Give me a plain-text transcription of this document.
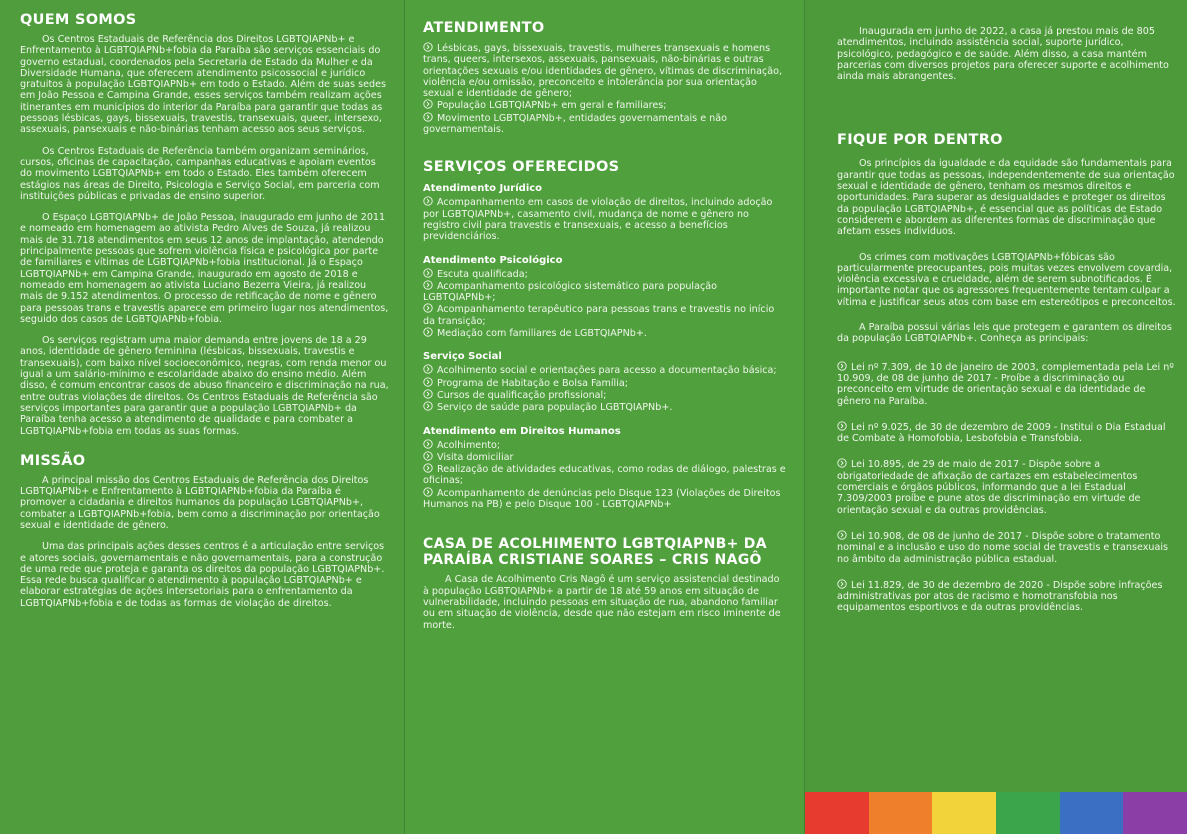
QUEM SOMOS

Os Centros Estaduais de Referência dos Direitos LGBTQIAPNb+ e Enfrentamento à LGBTQIAPNb+fobia da Paraíba são serviços essenciais do governo estadual, coordenados pela Secretaria de Estado da Mulher e da Diversidade Humana, que oferecem atendimento psicossocial e jurídico gratuitos à população LGBTQIAPNb+ em todo o Estado. Além de suas sedes em João Pessoa e Campina Grande, esses serviços também realizam ações itinerantes em municípios do interior da Paraíba para garantir que todas as pessoas lésbicas, gays, bissexuais, travestis, transexuais, queer, intersexo, assexuais, pansexuais e não-binárias tenham acesso aos seus serviços.

Os Centros Estaduais de Referência também organizam seminários, cursos, oficinas de capacitação, campanhas educativas e apoiam eventos do movimento LGBTQIAPNb+ em todo o Estado. Eles também oferecem estágios nas áreas de Direito, Psicologia e Serviço Social, em parceria com instituições públicas e privadas de ensino superior.

O Espaço LGBTQIAPNb+ de João Pessoa, inaugurado em junho de 2011 e nomeado em homenagem ao ativista Pedro Alves de Souza, já realizou mais de 31.718 atendimentos em seus 12 anos de implantação, atendendo principalmente pessoas que sofrem violência física e psicológica por parte de familiares e vítimas de LGBTQIAPNb+fobia institucional. Já o Espaço LGBTQIAPNb+ em Campina Grande, inaugurado em agosto de 2018 e nomeado em homenagem ao ativista Luciano Bezerra Vieira, já realizou mais de 9.152 atendimentos. O processo de retificação de nome e gênero para pessoas trans e travestis aparece em primeiro lugar nos atendimentos, seguido dos casos de LGBTQIAPNb+fobia.

Os serviços registram uma maior demanda entre jovens de 18 a 29 anos, identidade de gênero feminina (lésbicas, bissexuais, travestis e transexuais), com baixo nível socioeconômico, negras, com renda menor ou igual a um salário-mínimo e escolaridade abaixo do ensino médio. Além disso, é comum encontrar casos de abuso financeiro e discriminação na rua, entre outras violações de direitos. Os Centros Estaduais de Referência são serviços importantes para garantir que a população LGBTQIAPNb+ da Paraíba tenha acesso a atendimento de qualidade e para combater a LGBTQIAPNb+fobia em todas as suas formas.

MISSÃO

A principal missão dos Centros Estaduais de Referência dos Direitos LGBTQIAPNb+ e Enfrentamento à LGBTQIAPNb+fobia da Paraíba é promover a cidadania e direitos humanos da população LGBTQIAPNb+, combater a LGBTQIAPNb+fobia, bem como a discriminação por orientação sexual e identidade de gênero.

Uma das principais ações desses centros é a articulação entre serviços e atores sociais, governamentais e não governamentais, para a construção de uma rede que proteja e garanta os direitos da população LGBTQIAPNb+. Essa rede busca qualificar o atendimento à população LGBTQIAPNb+ e elaborar estratégias de ações intersetoriais para o enfrentamento da LGBTQIAPNb+fobia e de todas as formas de violação de direitos.

ATENDIMENTO
Lésbicas, gays, bissexuais, travestis, mulheres transexuais e homens trans, queers, intersexos, assexuais, pansexuais, não-binárias e outras orientações sexuais e/ou identidades de gênero, vítimas de discriminação, violência e/ou omissão, preconceito e intolerância por sua orientação sexual e identidade de gênero;
População LGBTQIAPNb+ em geral e familiares;
Movimento LGBTQIAPNb+, entidades governamentais e não governamentais.
SERVIÇOS OFERECIDOS
Atendimento Jurídico
Acompanhamento em casos de violação de direitos, incluindo adoção por LGBTQIAPNb+, casamento civil, mudança de nome e gênero no registro civil para travestis e transexuais, e acesso a benefícios previdenciários.
Atendimento Psicológico
Escuta qualificada;
Acompanhamento psicológico sistemático para população LGBTQIAPNb+;
Acompanhamento terapêutico para pessoas trans e travestis no início da transição;
Mediação com familiares de LGBTQIAPNb+.
Serviço Social
Acolhimento social e orientações para acesso a documentação básica;
Programa de Habitação e Bolsa Família;
Cursos de qualificação profissional;
Serviço de saúde para população LGBTQIAPNb+.
Atendimento em Direitos Humanos
Acolhimento;
Visita domiciliar
Realização de atividades educativas, como rodas de diálogo, palestras e oficinas;
Acompanhamento de denúncias pelo Disque 123 (Violações de Direitos Humanos na PB) e pelo Disque 100 - LGBTQIAPNb+
CASA DE ACOLHIMENTO LGBTQIAPNB+ DA PARAÍBA CRISTIANE SOARES – CRIS NAGÔ

A Casa de Acolhimento Cris Nagô é um serviço assistencial destinado à população LGBTQIAPNb+ a partir de 18 até 59 anos em situação de vulnerabilidade, incluindo pessoas em situação de rua, abandono familiar ou em situação de violência, desde que não estejam em risco iminente de morte.

Inaugurada em junho de 2022, a casa já prestou mais de 805 atendimentos, incluindo assistência social, suporte jurídico, psicológico, pedagógico e de saúde. Além disso, a casa mantém parcerias com diversos projetos para oferecer suporte e acolhimento ainda mais abrangentes.

FIQUE POR DENTRO

Os princípios da igualdade e da equidade são fundamentais para garantir que todas as pessoas, independentemente de sua orientação sexual e identidade de gênero, tenham os mesmos direitos e oportunidades. Para superar as desigualdades e proteger os direitos da população LGBTQIAPNb+, é essencial que as políticas de Estado considerem e abordem as diferentes formas de discriminação que afetam esses indivíduos.

Os crimes com motivações LGBTQIAPNb+fóbicas são particularmente preocupantes, pois muitas vezes envolvem covardia, violência excessiva e crueldade, além de serem subnotificados. É importante notar que os agressores frequentemente tentam culpar a vítima e justificar seus atos com base em estereótipos e preconceitos.

A Paraíba possui várias leis que protegem e garantem os direitos da população LGBTQIAPNb+. Conheça as principais:

Lei nº 7.309, de 10 de janeiro de 2003, complementada pela Lei nº 10.909, de 08 de junho de 2017 - Proíbe a discriminação ou preconceito em virtude de orientação sexual e da identidade de gênero na Paraíba.
Lei nº 9.025, de 30 de dezembro de 2009 - Institui o Dia Estadual de Combate à Homofobia, Lesbofobia e Transfobia.
Lei 10.895, de 29 de maio de 2017 - Dispõe sobre a obrigatoriedade de afixação de cartazes em estabelecimentos comerciais e órgãos públicos, informando que a lei Estadual 7.309/2003 proíbe e pune atos de discriminação em virtude de orientação sexual e da outras providências.
Lei 10.908, de 08 de junho de 2017 - Dispõe sobre o tratamento nominal e a inclusão e uso do nome social de travestis e transexuais no âmbito da administração pública estadual.
Lei 11.829, de 30 de dezembro de 2020 - Dispõe sobre infrações administrativas por atos de racismo e homotransfobia nos equipamentos esportivos e da outras providências.
